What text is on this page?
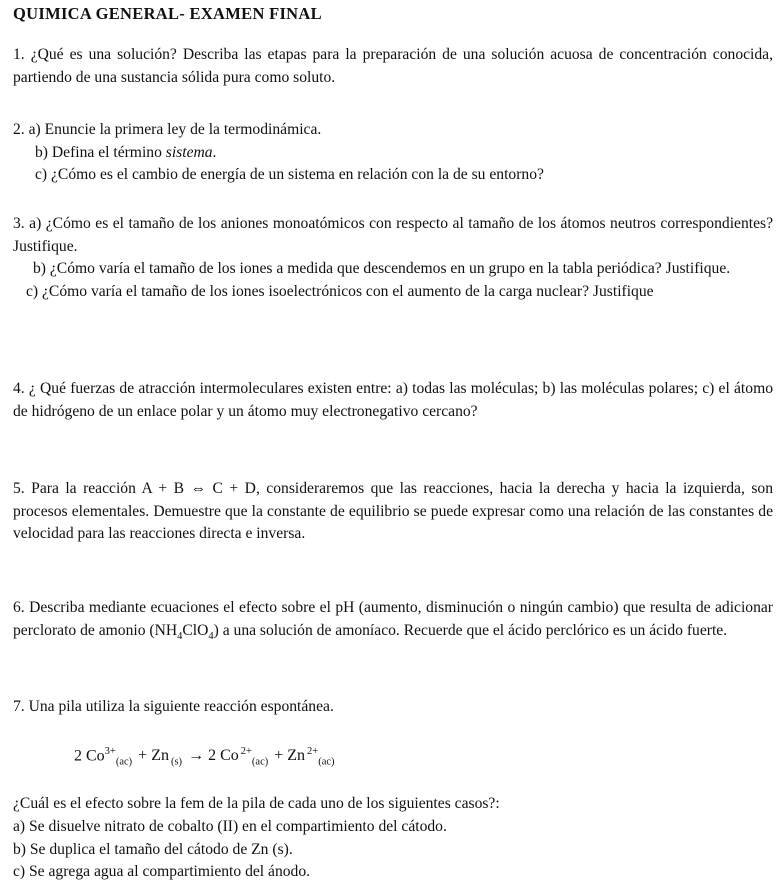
QUIMICA GENERAL- EXAMEN FINAL

1. ¿Qué es una solución? Describa las etapas para la preparación de una solución acuosa de concentración conocida, partiendo de una sustancia sólida pura como soluto.

2. a) Enuncie la primera ley de la termodinámica.

b) Defina el término sistema.

c) ¿Cómo es el cambio de energía de un sistema en relación con la de su entorno?

3. a) ¿Cómo es el tamaño de los aniones monoatómicos con respecto al tamaño de los átomos neutros correspondientes? Justifique.

b) ¿Cómo varía el tamaño de los iones a medida que descendemos en un grupo en la tabla periódica? Justifique.

c) ¿Cómo varía el tamaño de los iones isoelectrónicos con el aumento de la carga nuclear? Justifique

4. ¿ Qué fuerzas de atracción intermoleculares existen entre: a) todas las moléculas; b) las moléculas polares; c) el átomo de hidrógeno de un enlace polar y un átomo muy electronegativo cercano?

5. Para la reacción A + B ⇔ C + D, consideraremos que las reacciones, hacia la derecha y hacia la izquierda, son procesos elementales. Demuestre que la constante de equilibrio se puede expresar como una relación de las constantes de velocidad para las reacciones directa e inversa.

6. Describa mediante ecuaciones el efecto sobre el pH (aumento, disminución o ningún cambio) que resulta de adicionar perclorato de amonio $(NH_4ClO_4)$ a una solución de amoníaco. Recuerde que el ácido perclórico es un ácido fuerte.

7. Una pila utiliza la siguiente reacción espontánea.

2 $Co^{3+}_{(ac)} + Zn$ $_{(s)}$ → 2 Co $^{2+}_{(ac)}$ + Zn $^{2+}_{(ac)}$

¿Cuál es el efecto sobre la fem de la pila de cada uno de los siguientes casos?:

a) Se disuelve nitrato de cobalto (II) en el compartimiento del cátodo.

b) Se duplica el tamaño del cátodo de Zn (s).

c) Se agrega agua al compartimiento del ánodo.
